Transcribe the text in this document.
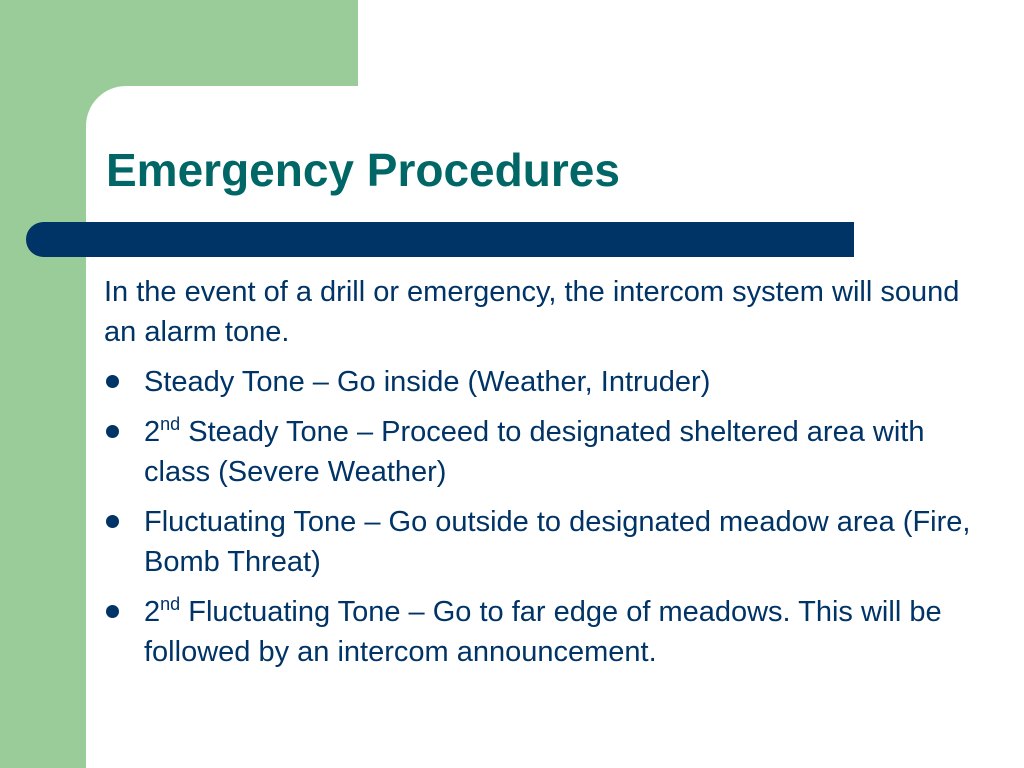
Emergency Procedures

In the event of a drill or emergency, the intercom system will sound an alarm tone.

Steady Tone – Go inside (Weather, Intruder)
2nd Steady Tone – Proceed to designated sheltered area with class (Severe Weather)
Fluctuating Tone – Go outside to designated meadow area (Fire, Bomb Threat)
2nd Fluctuating Tone – Go to far edge of meadows. This will be followed by an intercom announcement.
